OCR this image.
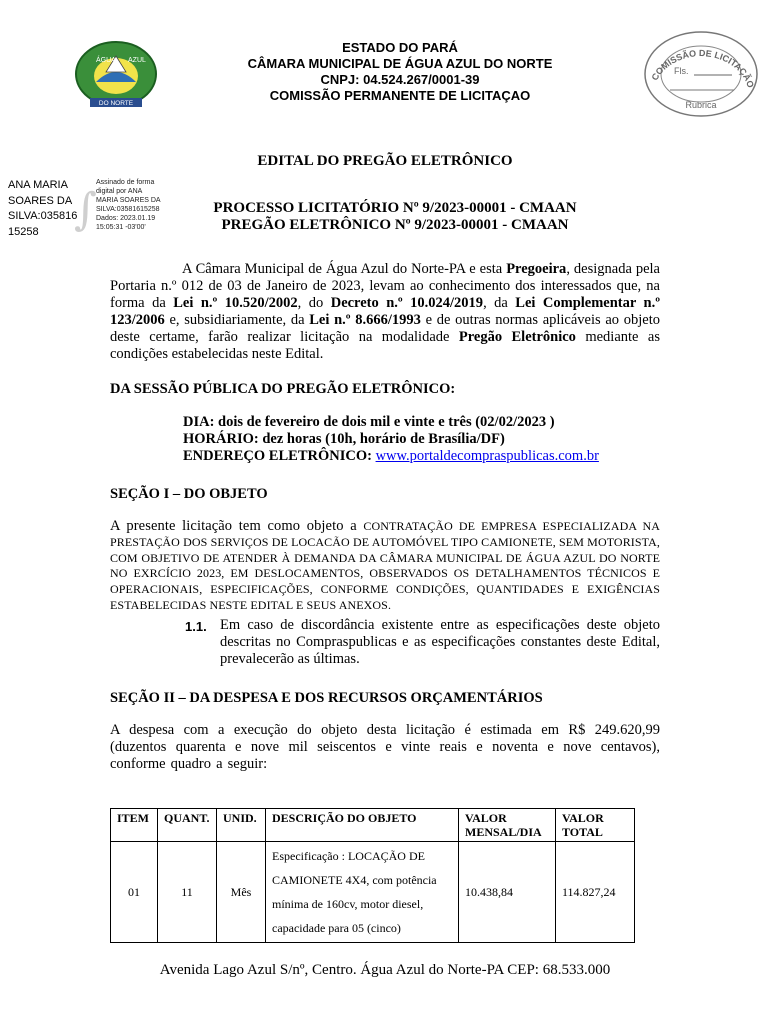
ÁGUA AZUL
DO NORTE
ESTADO DO PARÁ
CÂMARA MUNICIPAL DE ÁGUA AZUL DO NORTE
CNPJ: 04.524.267/0001-39
COMISSÃO PERMANENTE DE LICITAÇAO
COMISSÃO DE LICITAÇÃO
Fls.
Rubrica
EDITAL DO PREGÃO ELETRÔNICO
ANA MARIA
SOARES DA
SILVA:035816
15258 ∫
Assinado de forma
digital por ANA
MARIA SOARES DA
SILVA:03581615258
Dados: 2023.01.19
15:05:31 -03'00'
PROCESSO LICITATÓRIO Nº 9/2023-00001 - CMAAN
PREGÃO ELETRÔNICO Nº 9/2023-00001 - CMAAN
A Câmara Municipal de Água Azul do Norte-PA e esta Pregoeira, designada pela Portaria n.º 012 de 03 de Janeiro de 2023, levam ao conhecimento dos interessados que, na forma da Lei n.º 10.520/2002, do Decreto n.º 10.024/2019, da Lei Complementar n.º 123/2006 e, subsidiariamente, da Lei n.º 8.666/1993 e de outras normas aplicáveis ao objeto deste certame, farão realizar licitação na modalidade Pregão Eletrônico mediante as condições estabelecidas neste Edital.
DA SESSÃO PÚBLICA DO PREGÃO ELETRÔNICO:
DIA: dois de fevereiro de dois mil e vinte e três (02/02/2023 )
HORÁRIO: dez horas (10h, horário de Brasília/DF)
ENDEREÇO ELETRÔNICO: www.portaldecompraspublicas.com.br
SEÇÃO I – DO OBJETO
A presente licitação tem como objeto a CONTRATAÇÃO DE EMPRESA ESPECIALIZADA NA PRESTAÇÃO DOS SERVIÇOS DE LOCACÃO DE AUTOMÓVEL TIPO CAMIONETE, SEM MOTORISTA, COM OBJETIVO DE ATENDER À DEMANDA DA CÂMARA MUNICIPAL DE ÁGUA AZUL DO NORTE NO EXRCÍCIO 2023, EM DESLOCAMENTOS, OBSERVADOS OS DETALHAMENTOS TÉCNICOS E OPERACIONAIS, ESPECIFICAÇÕES, CONFORME CONDIÇÕES, QUANTIDADES E EXIGÊNCIAS ESTABELECIDAS NESTE EDITAL E SEUS ANEXOS.
1.1. Em caso de discordância existente entre as especificações deste objeto descritas no Compraspublicas e as especificações constantes deste Edital, prevalecerão as últimas.
SEÇÃO II – DA DESPESA E DOS RECURSOS ORÇAMENTÁRIOS
A despesa com a execução do objeto desta licitação é estimada em R$ 249.620,99 (duzentos quarenta e nove mil seiscentos e vinte reais e noventa e nove centavos), conforme quadro a seguir:
ITEM	QUANT.	UNID.	DESCRIÇÃO DO OBJETO	VALOR MENSAL/DIA	VALOR TOTAL
01	11	Mês	Especificação : LOCAÇÃO DE
CAMIONETE 4X4, com potência
mínima de 160cv, motor diesel,
capacidade para 05 (cinco)	10.438,84	114.827,24
Avenida Lago Azul S/nº, Centro. Água Azul do Norte-PA CEP: 68.533.000
